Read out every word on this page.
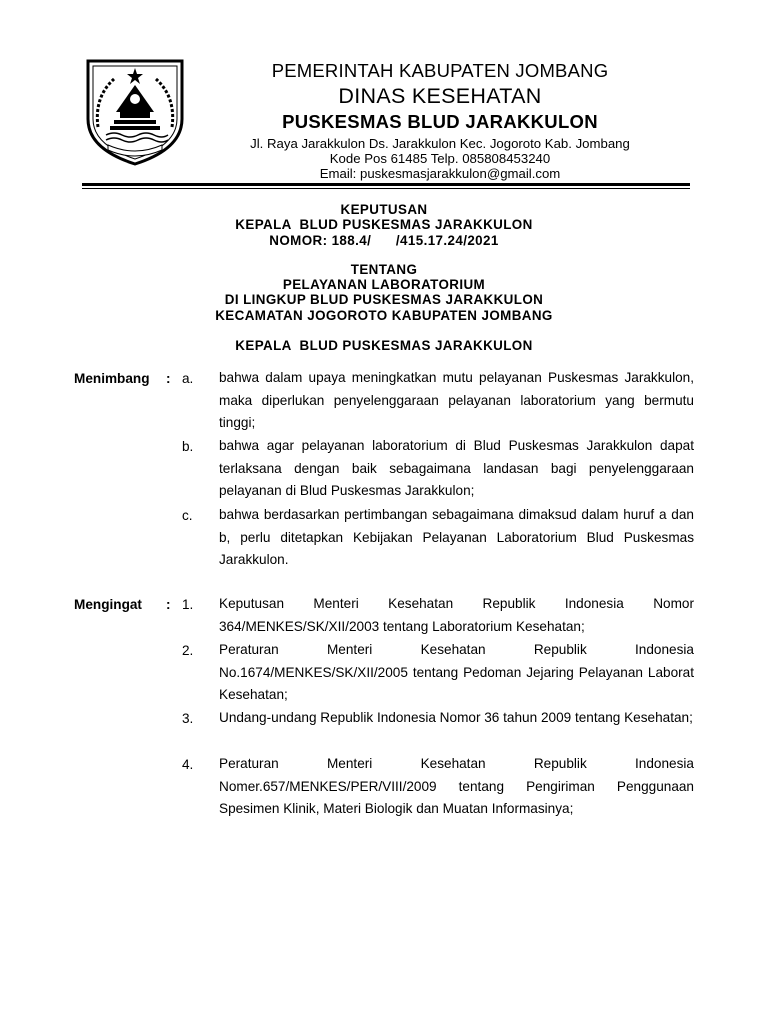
PEMERINTAH KABUPATEN JOMBANG
DINAS KESEHATAN
PUSKESMAS BLUD JARAKKULON
Jl. Raya Jarakkulon Ds. Jarakkulon Kec. Jogoroto Kab. Jombang
Kode Pos 61485 Telp. 085808453240
Email: puskesmasjarakkulon@gmail.com
KEPUTUSAN
KEPALA  BLUD PUSKESMAS JARAKKULON
NOMOR: 188.4/      /415.17.24/2021
TENTANG
PELAYANAN LABORATORIUM
DI LINGKUP BLUD PUSKESMAS JARAKKULON
KECAMATAN JOGOROTO KABUPATEN JOMBANG
KEPALA  BLUD PUSKESMAS JARAKKULON
Menimbang : a. bahwa dalam upaya meningkatkan mutu pelayanan Puskesmas Jarakkulon, maka diperlukan penyelenggaraan pelayanan laboratorium yang bermutu tinggi;
b. bahwa agar pelayanan laboratorium di Blud Puskesmas Jarakkulon dapat terlaksana dengan baik sebagaimana landasan bagi penyelenggaraan pelayanan di Blud Puskesmas Jarakkulon;
c. bahwa berdasarkan pertimbangan sebagaimana dimaksud dalam huruf a dan b, perlu ditetapkan Kebijakan Pelayanan Laboratorium Blud Puskesmas Jarakkulon.
Mengingat : 1. Keputusan Menteri Kesehatan Republik Indonesia Nomor 364/MENKES/SK/XII/2003 tentang Laboratorium Kesehatan;
2. Peraturan Menteri Kesehatan Republik Indonesia No.1674/MENKES/SK/XII/2005 tentang Pedoman Jejaring Pelayanan Laborat Kesehatan;
3. Undang-undang Republik Indonesia Nomor 36 tahun 2009 tentang Kesehatan;
4. Peraturan Menteri Kesehatan Republik Indonesia Nomer.657/MENKES/PER/VIII/2009 tentang Pengiriman Penggunaan Spesimen Klinik, Materi Biologik dan Muatan Informasinya;
